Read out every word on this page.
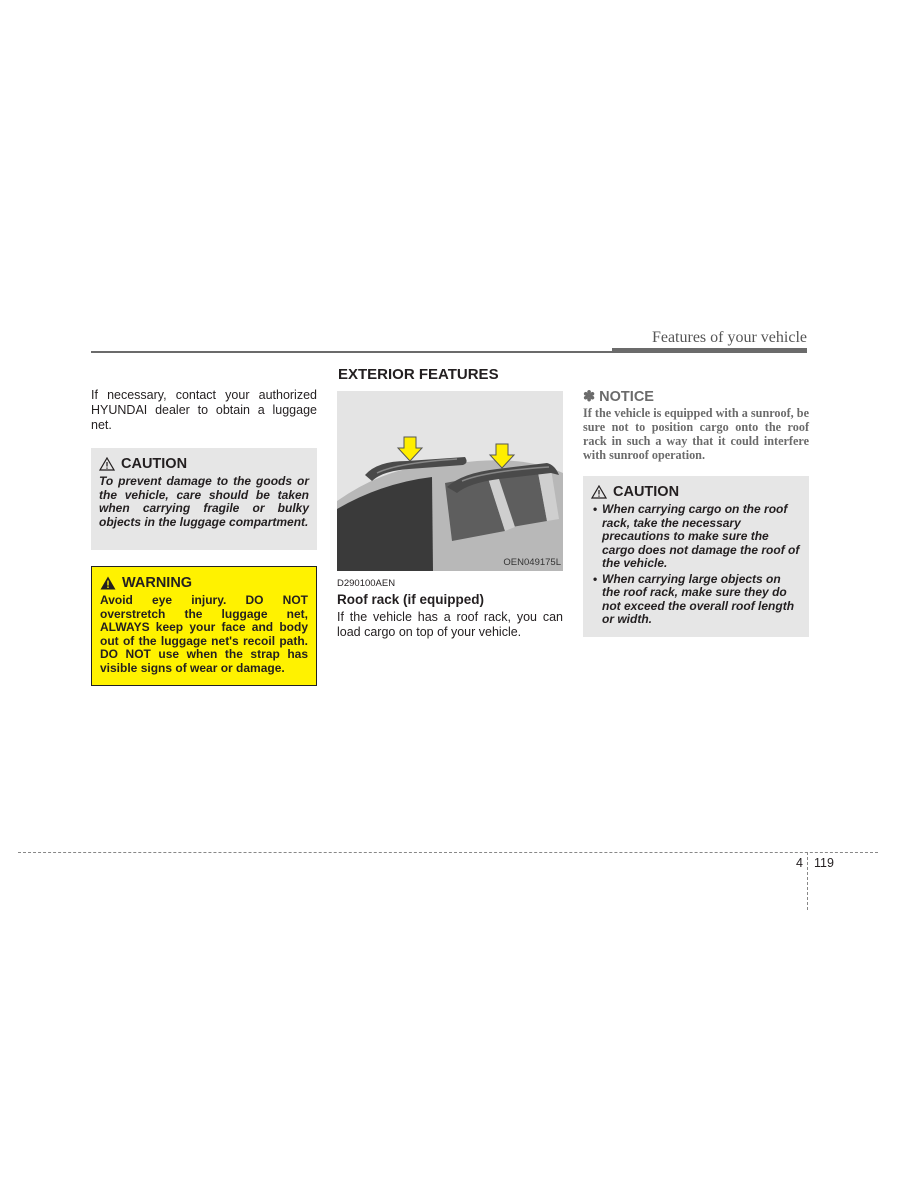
Features of your vehicle
If necessary, contact your authorized HYUNDAI dealer to obtain a luggage net.
CAUTION
To prevent damage to the goods or the vehicle, care should be taken when carrying fragile or bulky objects in the luggage compartment.
WARNING
Avoid eye injury. DO NOT overstretch the luggage net, ALWAYS keep your face and body out of the luggage net's recoil path. DO NOT use when the strap has visible signs of wear or damage.
EXTERIOR FEATURES
OEN049175L
D290100AEN
Roof rack (if equipped)
If the vehicle has a roof rack, you can load cargo on top of your vehicle.
✽ NOTICE
If the vehicle is equipped with a sunroof, be sure not to position cargo onto the roof rack in such a way that it could interfere with sunroof operation.
CAUTION
• When carrying cargo on the roof rack, take the necessary precautions to make sure the cargo does not damage the roof of the vehicle.
• When carrying large objects on the roof rack, make sure they do not exceed the overall roof length or width.
4 119
